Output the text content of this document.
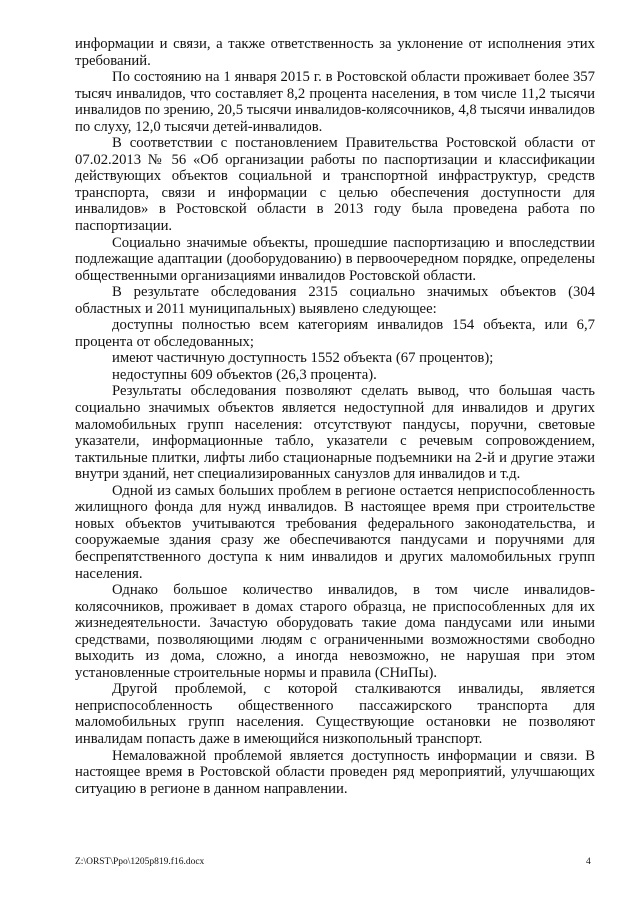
информации и связи, а также ответственность за уклонение от исполнения этих требований.

По состоянию на 1 января 2015 г. в Ростовской области проживает более 357 тысяч инвалидов, что составляет 8,2 процента населения, в том числе 11,2 тысячи инвалидов по зрению, 20,5 тысячи инвалидов-колясочников, 4,8 тысячи инвалидов по слуху, 12,0 тысячи детей-инвалидов.

В соответствии с постановлением Правительства Ростовской области от 07.02.2013 № 56 «Об организации работы по паспортизации и классификации действующих объектов социальной и транспортной инфраструктур, средств транспорта, связи и информации с целью обеспечения доступности для инвалидов» в Ростовской области в 2013 году была проведена работа по паспортизации.

Социально значимые объекты, прошедшие паспортизацию и впоследствии подлежащие адаптации (дооборудованию) в первоочередном порядке, определены общественными организациями инвалидов Ростовской области.

В результате обследования 2315 социально значимых объектов (304 областных и 2011 муниципальных) выявлено следующее:

доступны полностью всем категориям инвалидов 154 объекта, или 6,7 процента от обследованных;

имеют частичную доступность 1552 объекта (67 процентов);

недоступны 609 объектов (26,3 процента).

Результаты обследования позволяют сделать вывод, что большая часть социально значимых объектов является недоступной для инвалидов и других маломобильных групп населения: отсутствуют пандусы, поручни, световые указатели, информационные табло, указатели с речевым сопровождением, тактильные плитки, лифты либо стационарные подъемники на 2-й и другие этажи внутри зданий, нет специализированных санузлов для инвалидов и т.д.

Одной из самых больших проблем в регионе остается неприспособленность жилищного фонда для нужд инвалидов. В настоящее время при строительстве новых объектов учитываются требования федерального законодательства, и сооружаемые здания сразу же обеспечиваются пандусами и поручнями для беспрепятственного доступа к ним инвалидов и других маломобильных групп населения.

Однако большое количество инвалидов, в том числе инвалидов-колясочников, проживает в домах старого образца, не приспособленных для их жизнедеятельности. Зачастую оборудовать такие дома пандусами или иными средствами, позволяющими людям с ограниченными возможностями свободно выходить из дома, сложно, а иногда невозможно, не нарушая при этом установленные строительные нормы и правила (СНиПы).

Другой проблемой, с которой сталкиваются инвалиды, является неприспособленность общественного пассажирского транспорта для маломобильных групп населения. Существующие остановки не позволяют инвалидам попасть даже в имеющийся низкопольный транспорт.

Немаловажной проблемой является доступность информации и связи. В настоящее время в Ростовской области проведен ряд мероприятий, улучшающих ситуацию в регионе в данном направлении.

Z:\ORST\Ppo\1205p819.f16.docx	4
